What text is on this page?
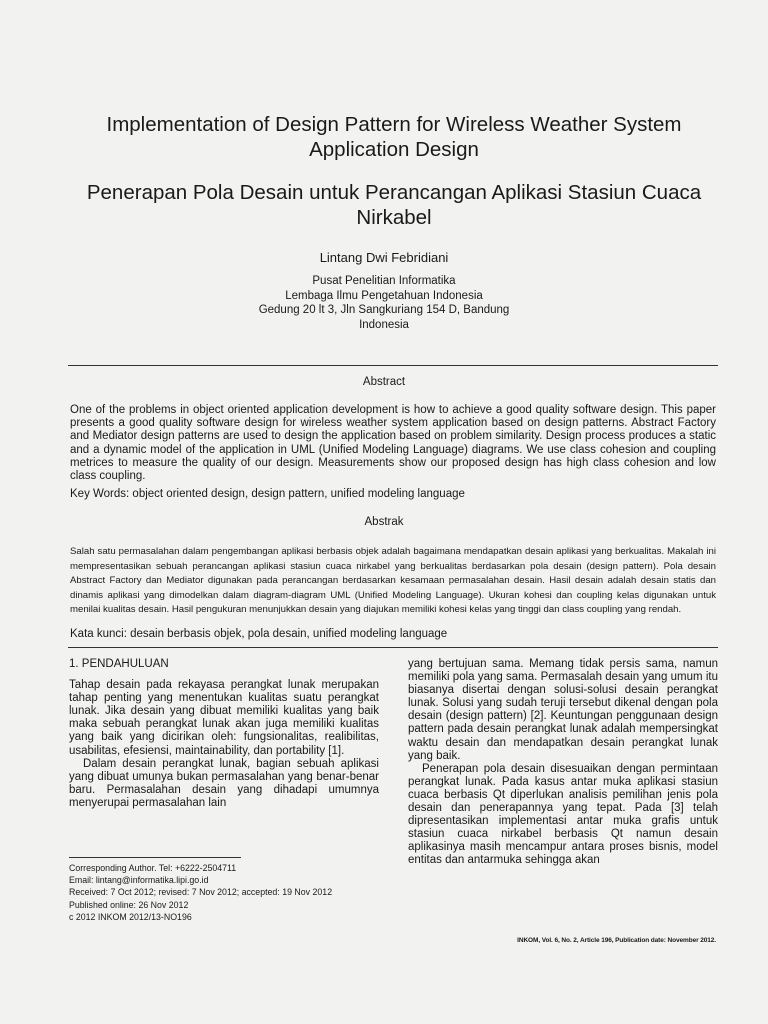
Implementation of Design Pattern for Wireless Weather System Application Design
Penerapan Pola Desain untuk Perancangan Aplikasi Stasiun Cuaca Nirkabel
Lintang Dwi Febridiani
Pusat Penelitian Informatika
Lembaga Ilmu Pengetahuan Indonesia
Gedung 20 lt 3, Jln Sangkuriang 154 D, Bandung
Indonesia
Abstract
One of the problems in object oriented application development is how to achieve a good quality software design. This paper presents a good quality software design for wireless weather system application based on design patterns. Abstract Factory and Mediator design patterns are used to design the application based on problem similarity. Design process produces a static and a dynamic model of the application in UML (Unified Modeling Language) diagrams. We use class cohesion and coupling metrices to measure the quality of our design. Measurements show our proposed design has high class cohesion and low class coupling.
Key Words: object oriented design, design pattern, unified modeling language
Abstrak
Salah satu permasalahan dalam pengembangan aplikasi berbasis objek adalah bagaimana mendapatkan desain aplikasi yang berkualitas. Makalah ini mempresentasikan sebuah perancangan aplikasi stasiun cuaca nirkabel yang berkualitas berdasarkan pola desain (design pattern). Pola desain Abstract Factory dan Mediator digunakan pada perancangan berdasarkan kesamaan permasalahan desain. Hasil desain adalah desain statis dan dinamis aplikasi yang dimodelkan dalam diagram-diagram UML (Unified Modeling Language). Ukuran kohesi dan coupling kelas digunakan untuk menilai kualitas desain. Hasil pengukuran menunjukkan desain yang diajukan memiliki kohesi kelas yang tinggi dan class coupling yang rendah.
Kata kunci: desain berbasis objek, pola desain, unified modeling language

1. PENDAHULUAN

Tahap desain pada rekayasa perangkat lunak merupakan tahap penting yang menentukan kualitas suatu perangkat lunak. Jika desain yang dibuat memiliki kualitas yang baik maka sebuah perangkat lunak akan juga memiliki kualitas yang baik yang dicirikan oleh: fungsionalitas, realibilitas, usabilitas, efesiensi, maintainability, dan portability [1].

Dalam desain perangkat lunak, bagian sebuah aplikasi yang dibuat umunya bukan permasalahan yang benar-benar baru. Permasalahan desain yang dihadapi umumnya menyerupai permasalahan lain

yang bertujuan sama. Memang tidak persis sama, namun memiliki pola yang sama. Permasalah desain yang umum itu biasanya disertai dengan solusi-solusi desain perangkat lunak. Solusi yang sudah teruji tersebut dikenal dengan pola desain (design pattern) [2]. Keuntungan penggunaan design pattern pada desain perangkat lunak adalah mempersingkat waktu desain dan mendapatkan desain perangkat lunak yang baik.

Penerapan pola desain disesuaikan dengan permintaan perangkat lunak. Pada kasus antar muka aplikasi stasiun cuaca berbasis Qt diperlukan analisis pemilihan jenis pola desain dan penerapannya yang tepat. Pada [3] telah dipresentasikan implementasi antar muka grafis untuk stasiun cuaca nirkabel berbasis Qt namun desain aplikasinya masih mencampur antara proses bisnis, model entitas dan antarmuka sehingga akan

Corresponding Author. Tel: +6222-2504711
Email: lintang@informatika.lipi.go.id
Received: 7 Oct 2012; revised: 7 Nov 2012; accepted: 19 Nov 2012
Published online: 26 Nov 2012
c 2012 INKOM 2012/13-NO196
INKOM, Vol. 6, No. 2, Article 196, Publication date: November 2012.
